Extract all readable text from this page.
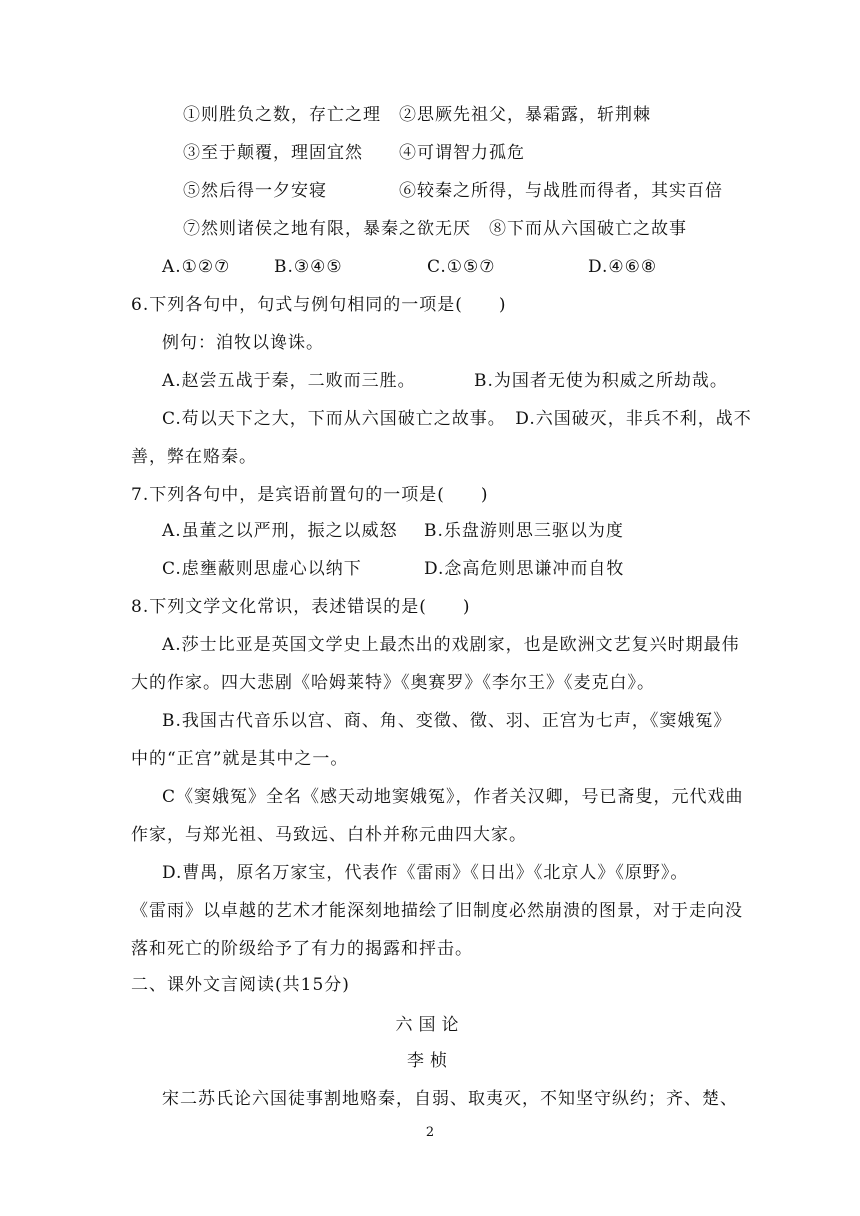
①则胜负之数，存亡之理　②思厥先祖父，暴霜露，斩荆棘
③至于颠覆，理固宜然　　④可谓智力孤危
⑤然后得一夕安寝　　　　⑥较秦之所得，与战胜而得者，其实百倍
⑦然则诸侯之地有限，暴秦之欲无厌　⑧下而从六国破亡之故事
A.①②⑦	B.③④⑤	C.①⑤⑦	D.④⑥⑧
6.下列各句中，句式与例句相同的一项是(　　)
例句：洎牧以谗诛。
A.赵尝五战于秦，二败而三胜。	B.为国者无使为积威之所劫哉。
C.苟以天下之大，下而从六国破亡之故事。　D.六国破灭，非兵不利，战不
善，弊在赂秦。
7.下列各句中，是宾语前置句的一项是(　　)
A.虽董之以严刑，振之以威怒 B.乐盘游则思三驱以为度
C.虑壅蔽则思虚心以纳下	D.念高危则思谦冲而自牧
8.下列文学文化常识，表述错误的是(　　)
A.莎士比亚是英国文学史上最杰出的戏剧家，也是欧洲文艺复兴时期最伟
大的作家。四大悲剧《哈姆莱特》《奥赛罗》《李尔王》《麦克白》。
B.我国古代音乐以宫、商、角、变徵、徵、羽、正宫为七声，《窦娥冤》
中的“正宫”就是其中之一。
C《窦娥冤》全名《感天动地窦娥冤》，作者关汉卿，号已斋叟，元代戏曲
作家，与郑光祖、马致远、白朴并称元曲四大家。
D.曹禺，原名万家宝，代表作《雷雨》《日出》《北京人》《原野》。
《雷雨》以卓越的艺术才能深刻地描绘了旧制度必然崩溃的图景，对于走向没
落和死亡的阶级给予了有力的揭露和抨击。
二、课外文言阅读(共15分)
六国论
李桢
宋二苏氏论六国徒事割地赂秦，自弱、取夷灭，不知坚守纵约；齐、楚、
2
